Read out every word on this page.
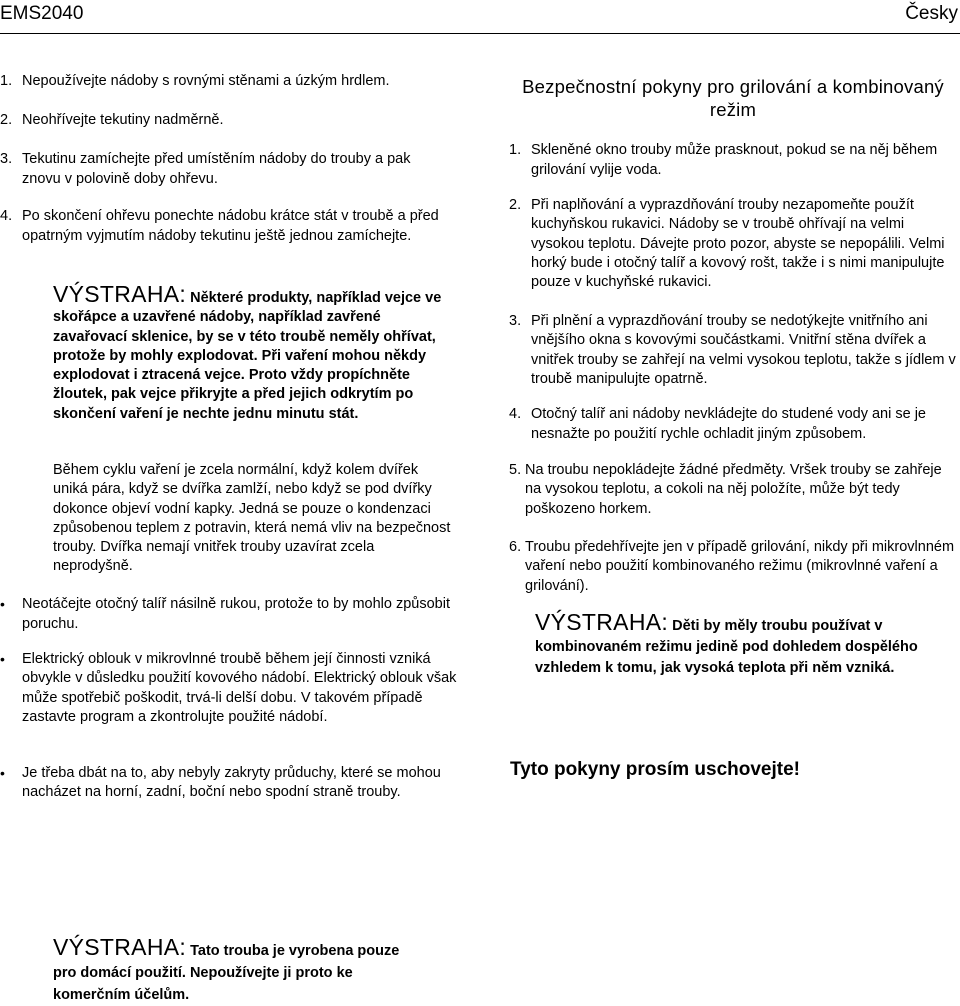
EMS2040	Česky
1. Nepoužívejte nádoby s rovnými stěnami a úzkým hrdlem.
2. Neohřívejte tekutiny nadměrně.
3. Tekutinu zamíchejte před umístěním nádoby do trouby a pak znovu v polovině doby ohřevu.
4. Po skončení ohřevu ponechte nádobu krátce stát v troubě a před opatrným vyjmutím nádoby tekutinu ještě jednou zamíchejte.
VÝSTRAHA: Některé produkty, například vejce ve skořápce a uzavřené nádoby, například zavřené zavařovací sklenice, by se v této troubě neměly ohřívat, protože by mohly explodovat. Při vaření mohou někdy explodovat i ztracená vejce. Proto vždy propíchněte žloutek, pak vejce přikryjte a před jejich odkrytím po skončení vaření je nechte jednu minutu stát.
Během cyklu vaření je zcela normální, když kolem dvířek uniká pára, když se dvířka zamlží, nebo když se pod dvířky dokonce objeví vodní kapky. Jedná se pouze o kondenzaci způsobenou teplem z potravin, která nemá vliv na bezpečnost trouby. Dvířka nemají vnitřek trouby uzavírat zcela neprodyšně.
•	Neotáčejte otočný talíř násilně rukou, protože to by mohlo způsobit poruchu.
•	Elektrický oblouk v mikrovlnné troubě během její činnosti vzniká obvykle v důsledku použití kovového nádobí. Elektrický oblouk však může spotřebič poškodit, trvá-li delší dobu. V takovém případě zastavte program a zkontrolujte použité nádobí.
•	Je třeba dbát na to, aby nebyly zakryty průduchy, které se mohou nacházet na horní, zadní, boční nebo spodní straně trouby.
VÝSTRAHA: Tato trouba je vyrobena pouze pro domácí použití. Nepoužívejte ji proto ke komerčním účelům.
Bezpečnostní pokyny pro grilování a kombinovaný režim
1. Skleněné okno trouby může prasknout, pokud se na něj během grilování vylije voda.
2. Při naplňování a vyprazdňování trouby nezapomeňte použít kuchyňskou rukavici. Nádoby se v troubě ohřívají na velmi vysokou teplotu. Dávejte proto pozor, abyste se nepopálili. Velmi horký bude i otočný talíř a kovový rošt, takže i s nimi manipulujte pouze v kuchyňské rukavici.
3. Při plnění a vyprazdňování trouby se nedotýkejte vnitřního ani vnějšího okna s kovovými součástkami. Vnitřní stěna dvířek a vnitřek trouby se zahřejí na velmi vysokou teplotu, takže s jídlem v troubě manipulujte opatrně.
4. Otočný talíř ani nádoby nevkládejte do studené vody ani se je nesnažte po použití rychle ochladit jiným způsobem.
5. Na troubu nepokládejte žádné předměty. Vršek trouby se zahřeje na vysokou teplotu, a cokoli na něj položíte, může být tedy poškozeno horkem.
6. Troubu předehřívejte jen v případě grilování, nikdy při mikrovlnném vaření nebo použití kombinovaného režimu (mikrovlnné vaření a grilování).
VÝSTRAHA: Děti by měly troubu používat v kombinovaném režimu jedině pod dohledem dospělého vzhledem k tomu, jak vysoká teplota při něm vzniká.
Tyto pokyny prosím uschovejte!
